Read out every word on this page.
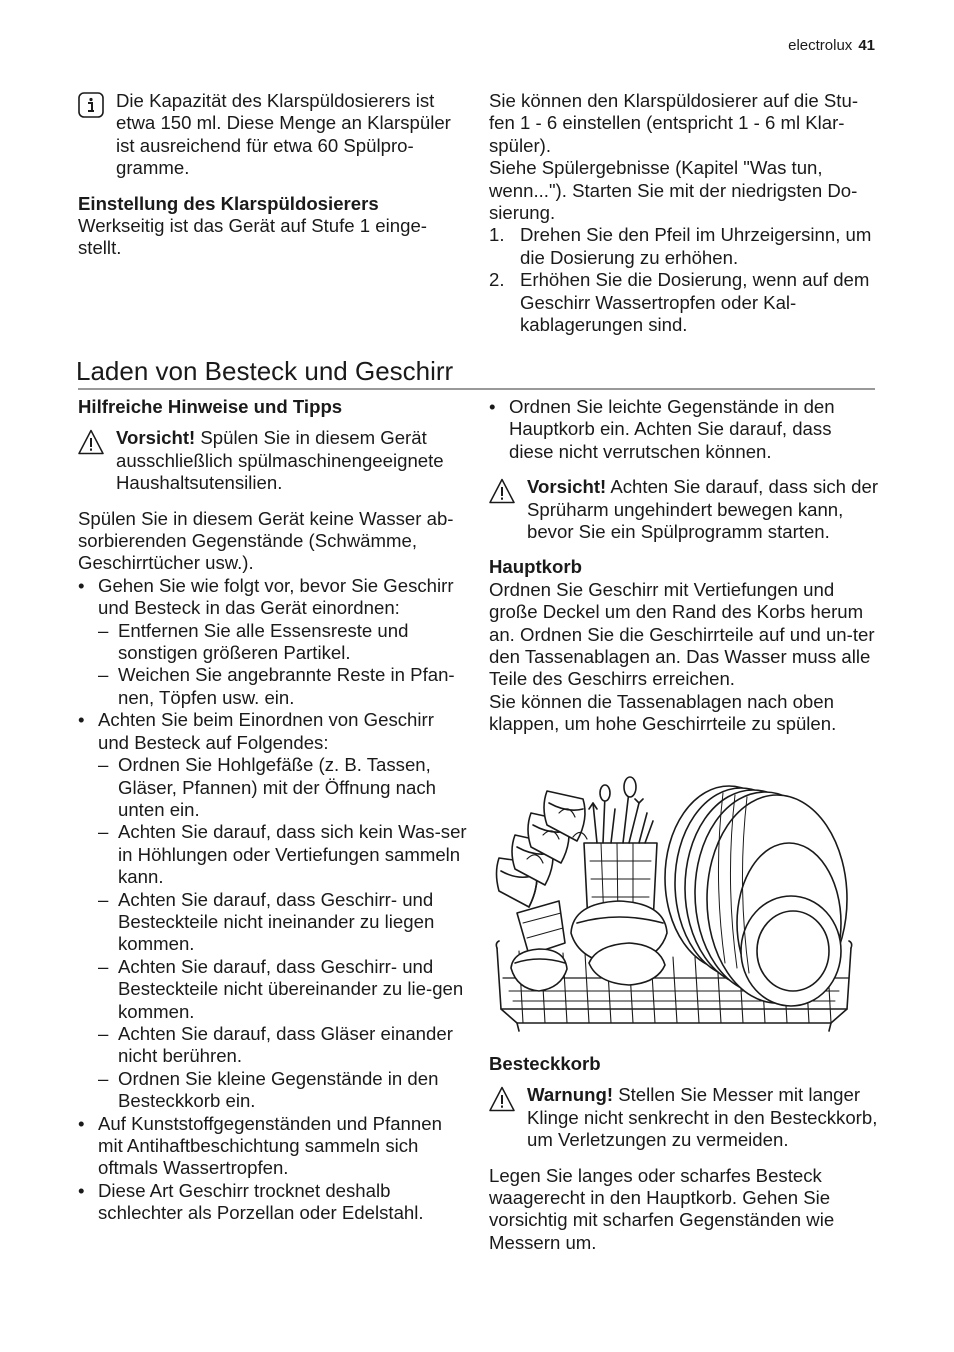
electrolux 41

Die Kapazität des Klarspüldosierers ist etwa 150 ml. Diese Menge an Klarspüler ist ausreichend für etwa 60 Spülpro-gramme.

Einstellung des Klarspüldosierers

Werkseitig ist das Gerät auf Stufe 1 einge-stellt.

Sie können den Klarspüldosierer auf die Stu-fen 1 - 6 einstellen (entspricht 1 - 6 ml Klar-spüler).

Siehe Spülergebnisse (Kapitel "Was tun, wenn..."). Starten Sie mit der niedrigsten Do-sierung.

1. Drehen Sie den Pfeil im Uhrzeigersinn, um die Dosierung zu erhöhen.

2. Erhöhen Sie die Dosierung, wenn auf dem Geschirr Wassertropfen oder Kal-kablagerungen sind.

Laden von Besteck und Geschirr

Hilfreiche Hinweise und Tipps

Vorsicht! Spülen Sie in diesem Gerät ausschließlich spülmaschinengeeignete Haushaltsutensilien.

Spülen Sie in diesem Gerät keine Wasser ab-sorbierenden Gegenstände (Schwämme, Geschirrtücher usw.).

• Gehen Sie wie folgt vor, bevor Sie Geschirr und Besteck in das Gerät einordnen:

– Entfernen Sie alle Essensreste und sonstigen größeren Partikel.

– Weichen Sie angebrannte Reste in Pfan-nen, Töpfen usw. ein.

• Achten Sie beim Einordnen von Geschirr und Besteck auf Folgendes:

– Ordnen Sie Hohlgefäße (z. B. Tassen, Gläser, Pfannen) mit der Öffnung nach unten ein.

– Achten Sie darauf, dass sich kein Was-ser in Höhlungen oder Vertiefungen sammeln kann.

– Achten Sie darauf, dass Geschirr- und Besteckteile nicht ineinander zu liegen kommen.

– Achten Sie darauf, dass Geschirr- und Besteckteile nicht übereinander zu lie-gen kommen.

– Achten Sie darauf, dass Gläser einander nicht berühren.

– Ordnen Sie kleine Gegenstände in den Besteckkorb ein.

• Auf Kunststoffgegenständen und Pfannen mit Antihaftbeschichtung sammeln sich oftmals Wassertropfen.

• Diese Art Geschirr trocknet deshalb schlechter als Porzellan oder Edelstahl.

• Ordnen Sie leichte Gegenstände in den Hauptkorb ein. Achten Sie darauf, dass diese nicht verrutschen können.

Vorsicht! Achten Sie darauf, dass sich der Sprüharm ungehindert bewegen kann, bevor Sie ein Spülprogramm starten.

Hauptkorb

Ordnen Sie Geschirr mit Vertiefungen und große Deckel um den Rand des Korbs herum an. Ordnen Sie die Geschirrteile auf und un-ter den Tassenablagen an. Das Wasser muss alle Teile des Geschirrs erreichen.

Sie können die Tassenablagen nach oben klappen, um hohe Geschirrteile zu spülen.

Besteckkorb

Warnung! Stellen Sie Messer mit langer Klinge nicht senkrecht in den Besteckkorb, um Verletzungen zu vermeiden.

Legen Sie langes oder scharfes Besteck waagerecht in den Hauptkorb. Gehen Sie vorsichtig mit scharfen Gegenständen wie Messern um.
